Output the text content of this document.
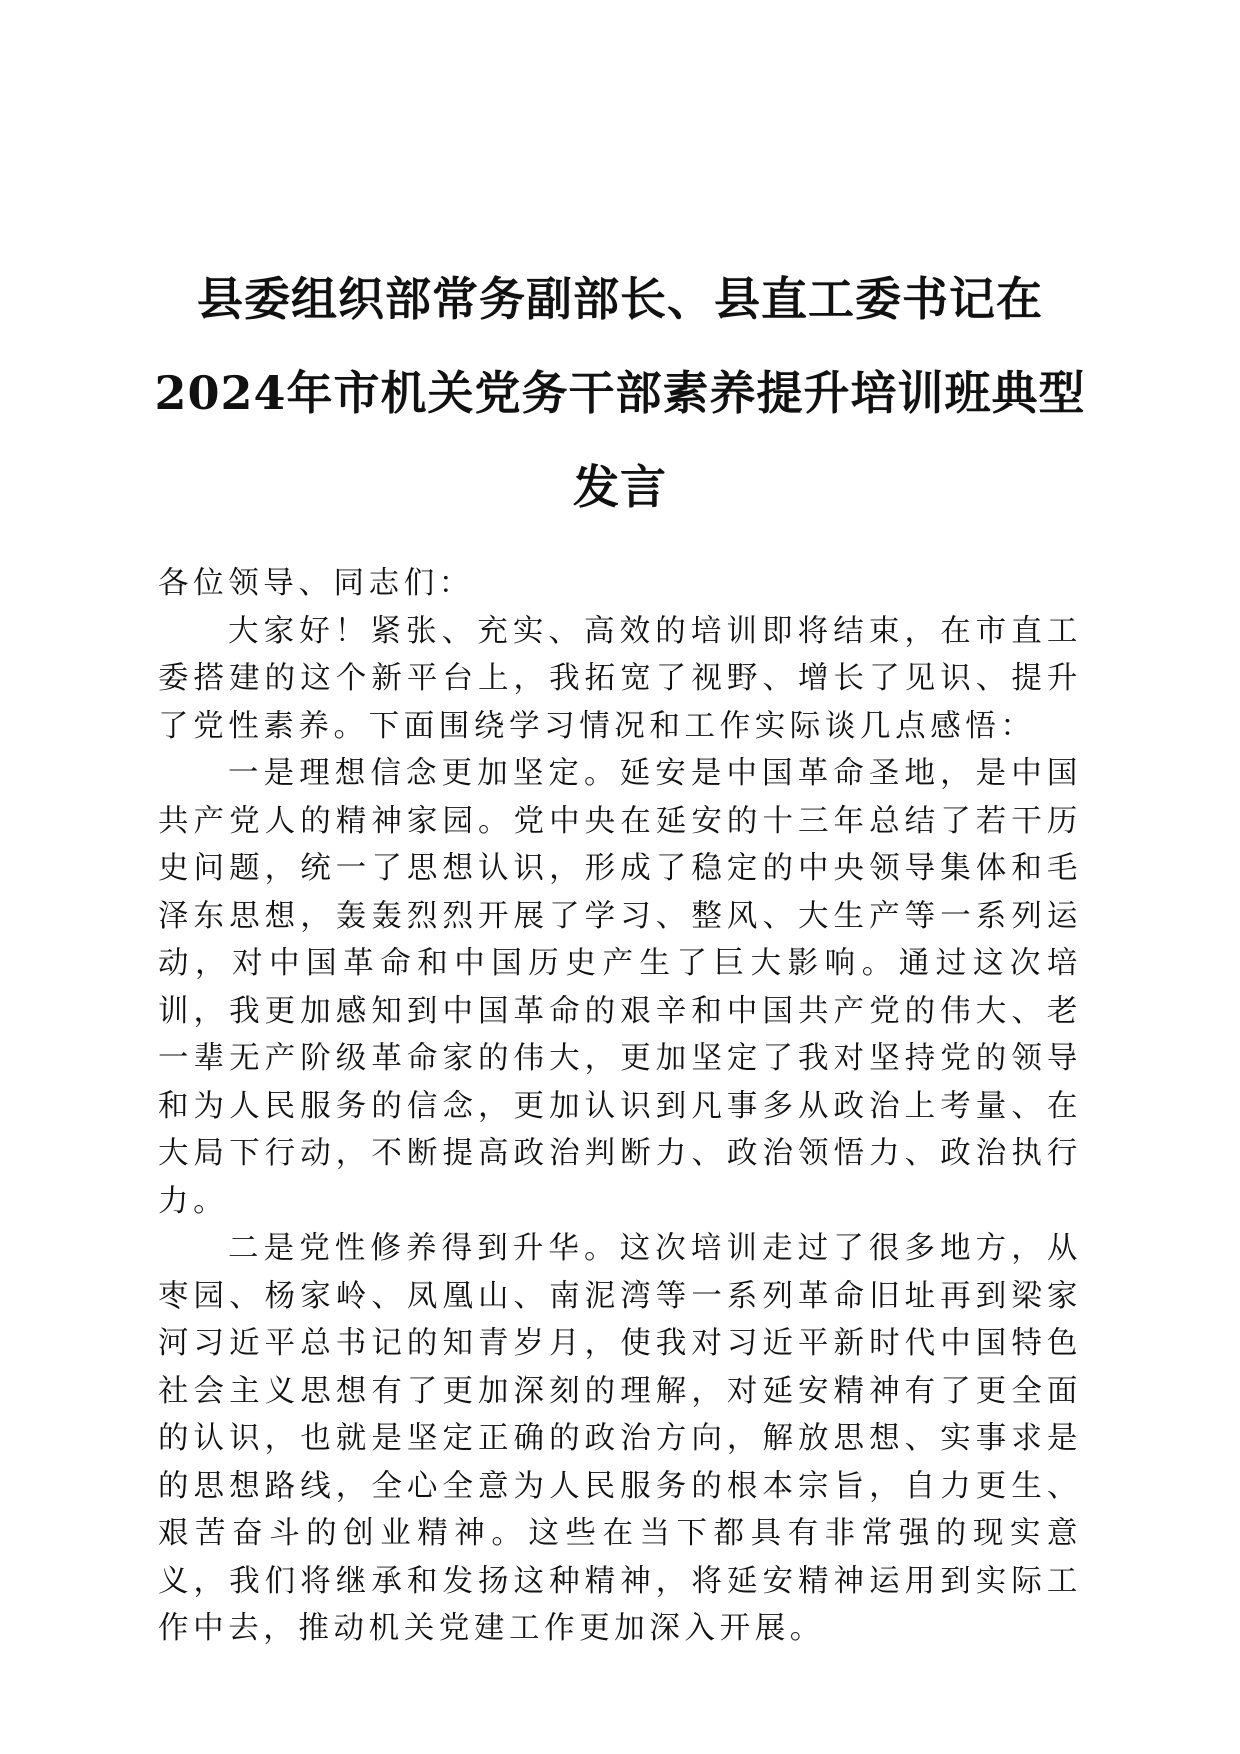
县委组织部常务副部长、县直工委书记在
2024年市机关党务干部素养提升培训班典型
发言

各位领导、同志们：

大家好！紧张、充实、高效的培训即将结束，在市直工委搭建的这个新平台上，我拓宽了视野、增长了见识、提升了党性素养。下面围绕学习情况和工作实际谈几点感悟：

一是理想信念更加坚定。延安是中国革命圣地，是中国共产党人的精神家园。党中央在延安的十三年总结了若干历史问题，统一了思想认识，形成了稳定的中央领导集体和毛泽东思想，轰轰烈烈开展了学习、整风、大生产等一系列运动，对中国革命和中国历史产生了巨大影响。通过这次培训，我更加感知到中国革命的艰辛和中国共产党的伟大、老一辈无产阶级革命家的伟大，更加坚定了我对坚持党的领导和为人民服务的信念，更加认识到凡事多从政治上考量、在大局下行动，不断提高政治判断力、政治领悟力、政治执行力。

二是党性修养得到升华。这次培训走过了很多地方，从枣园、杨家岭、凤凰山、南泥湾等一系列革命旧址再到梁家河习近平总书记的知青岁月，使我对习近平新时代中国特色社会主义思想有了更加深刻的理解，对延安精神有了更全面的认识，也就是坚定正确的政治方向，解放思想、实事求是的思想路线，全心全意为人民服务的根本宗旨，自力更生、艰苦奋斗的创业精神。这些在当下都具有非常强的现实意义，我们将继承和发扬这种精神，将延安精神运用到实际工作中去，推动机关党建工作更加深入开展。
